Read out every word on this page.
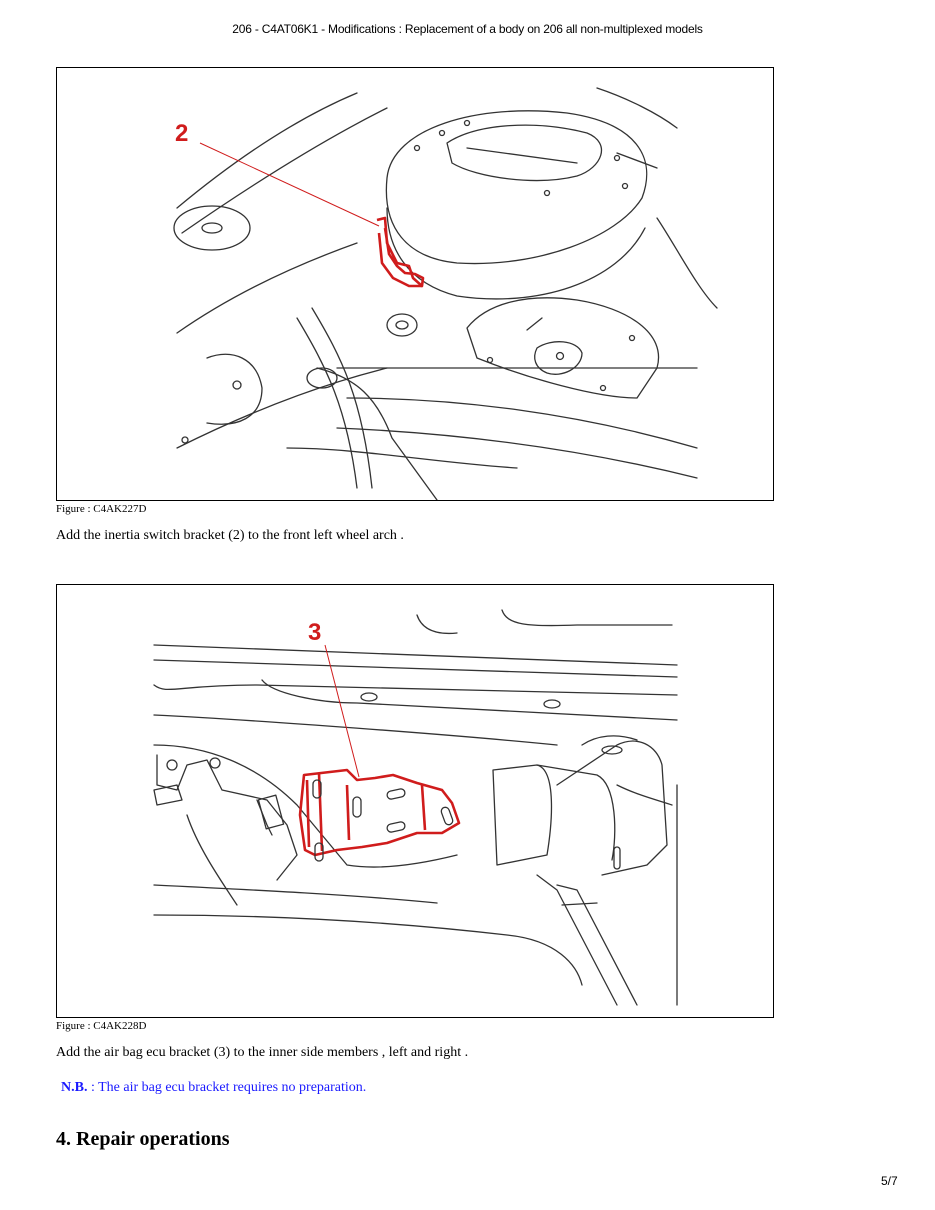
206 - C4AT06K1 - Modifications : Replacement of a body on 206 all non-multiplexed models
2
Figure : C4AK227D
Add the inertia switch bracket (2) to the front left wheel arch .
3
Figure : C4AK228D
Add the air bag ecu bracket (3) to the inner side members , left and right .
N.B. : The air bag ecu bracket requires no preparation.
4. Repair operations
5/7
